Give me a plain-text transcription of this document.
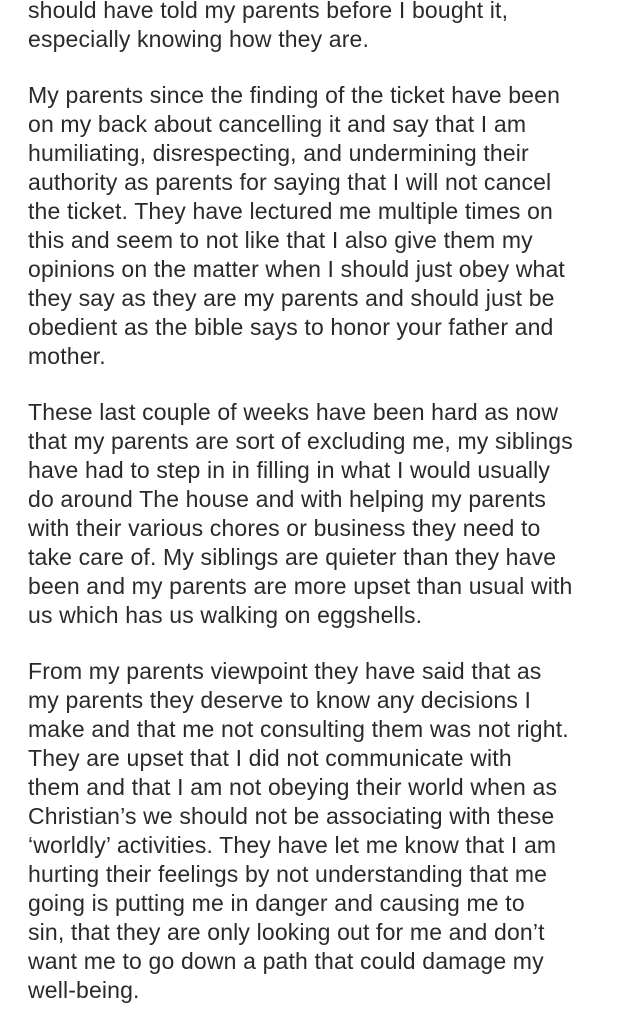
should have told my parents before I bought it,
especially knowing how they are.

My parents since the finding of the ticket have been
on my back about cancelling it and say that I am
humiliating, disrespecting, and undermining their
authority as parents for saying that I will not cancel
the ticket. They have lectured me multiple times on
this and seem to not like that I also give them my
opinions on the matter when I should just obey what
they say as they are my parents and should just be
obedient as the bible says to honor your father and
mother.

These last couple of weeks have been hard as now
that my parents are sort of excluding me, my siblings
have had to step in in filling in what I would usually
do around The house and with helping my parents
with their various chores or business they need to
take care of. My siblings are quieter than they have
been and my parents are more upset than usual with
us which has us walking on eggshells.

From my parents viewpoint they have said that as
my parents they deserve to know any decisions I
make and that me not consulting them was not right.
They are upset that I did not communicate with
them and that I am not obeying their world when as
Christian’s we should not be associating with these
‘worldly’ activities. They have let me know that I am
hurting their feelings by not understanding that me
going is putting me in danger and causing me to
sin, that they are only looking out for me and don’t
want me to go down a path that could damage my
well-being.
